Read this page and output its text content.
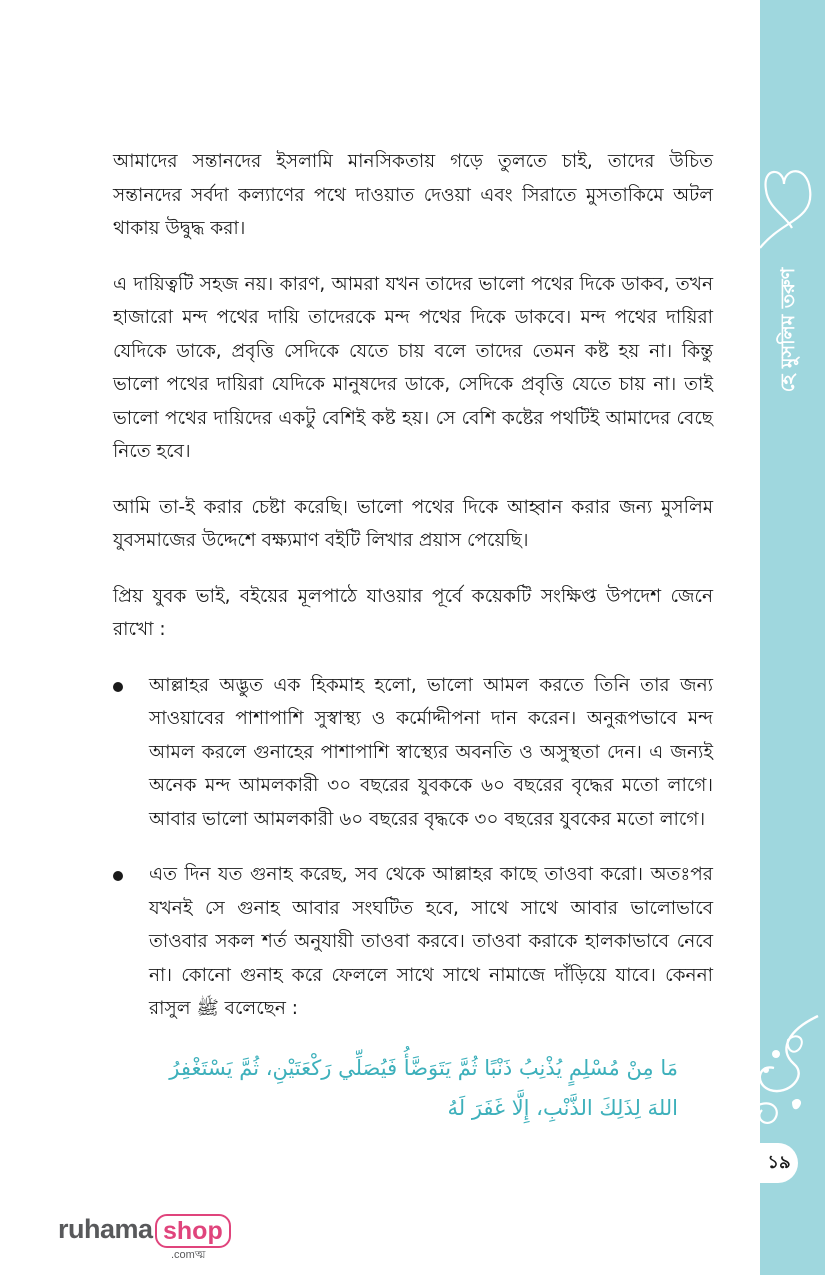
হে মুসলিম তরুণ
১৯

আমাদের সন্তানদের ইসলামি মানসিকতায় গড়ে তুলতে চাই, তাদের উচিত সন্তানদের সর্বদা কল্যাণের পথে দাওয়াত দেওয়া এবং সিরাতে মুসতাকিমে অটল থাকায় উদ্বুদ্ধ করা।

এ দায়িত্বটি সহজ নয়। কারণ, আমরা যখন তাদের ভালো পথের দিকে ডাকব, তখন হাজারো মন্দ পথের দায়ি তাদেরকে মন্দ পথের দিকে ডাকবে। মন্দ পথের দায়িরা যেদিকে ডাকে, প্রবৃত্তি সেদিকে যেতে চায় বলে তাদের তেমন কষ্ট হয় না। কিন্তু ভালো পথের দায়িরা যেদিকে মানুষদের ডাকে, সেদিকে প্রবৃত্তি যেতে চায় না। তাই ভালো পথের দায়িদের একটু বেশিই কষ্ট হয়। সে বেশি কষ্টের পথটিই আমাদের বেছে নিতে হবে।

আমি তা-ই করার চেষ্টা করেছি। ভালো পথের দিকে আহ্বান করার জন্য মুসলিম যুবসমাজের উদ্দেশে বক্ষ্যমাণ বইটি লিখার প্রয়াস পেয়েছি।

প্রিয় যুবক ভাই, বইয়ের মূলপাঠে যাওয়ার পূর্বে কয়েকটি সংক্ষিপ্ত উপদেশ জেনে রাখো :

আল্লাহর অদ্ভুত এক হিকমাহ হলো, ভালো আমল করতে তিনি তার জন্য সাওয়াবের পাশাপাশি সুস্বাস্থ্য ও কর্মোদ্দীপনা দান করেন। অনুরূপভাবে মন্দ আমল করলে গুনাহের পাশাপাশি স্বাস্থ্যের অবনতি ও অসুস্থতা দেন। এ জন্যই অনেক মন্দ আমলকারী ৩০ বছরের যুবককে ৬০ বছরের বৃদ্ধের মতো লাগে। আবার ভালো আমলকারী ৬০ বছরের বৃদ্ধকে ৩০ বছরের যুবকের মতো লাগে।
এত দিন যত গুনাহ করেছ, সব থেকে আল্লাহর কাছে তাওবা করো। অতঃপর যখনই সে গুনাহ আবার সংঘটিত হবে, সাথে সাথে আবার ভালোভাবে তাওবার সকল শর্ত অনুযায়ী তাওবা করবে। তাওবা করাকে হালকাভাবে নেবে না। কোনো গুনাহ করে ফেললে সাথে সাথে নামাজে দাঁড়িয়ে যাবে। কেননা রাসুল ﷺ বলেছেন :
مَا مِنْ مُسْلِمٍ يُذْنِبُ ذَنْبًا ثُمَّ يَتَوَضَّأُ فَيُصَلِّي رَكْعَتَيْنِ، ثُمَّ يَسْتَغْفِرُ اللهَ لِذَلِكَ الذَّنْبِ، إِلَّا غَفَرَ لَهُ
ruhama shop
.comত্ম
